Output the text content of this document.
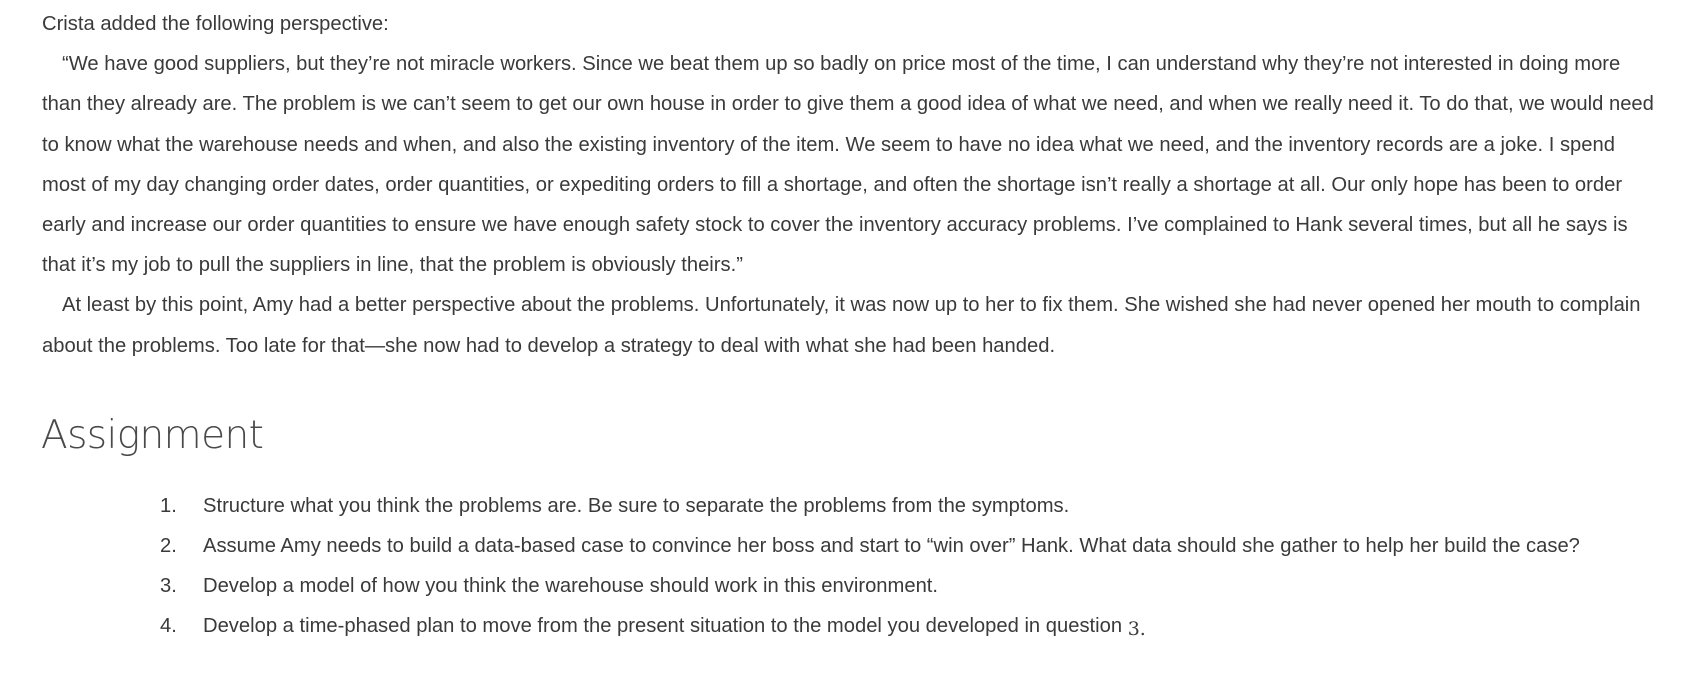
Crista added the following perspective:

“We have good suppliers, but they’re not miracle workers. Since we beat them up so badly on price most of the time, I can understand why they’re not interested in doing more than they already are. The problem is we can’t seem to get our own house in order to give them a good idea of what we need, and when we really need it. To do that, we would need to know what the warehouse needs and when, and also the existing inventory of the item. We seem to have no idea what we need, and the inventory records are a joke. I spend most of my day changing order dates, order quantities, or expediting orders to fill a shortage, and often the shortage isn’t really a shortage at all. Our only hope has been to order early and increase our order quantities to ensure we have enough safety stock to cover the inventory accuracy problems. I’ve complained to Hank several times, but all he says is that it’s my job to pull the suppliers in line, that the problem is obviously theirs.”

At least by this point, Amy had a better perspective about the problems. Unfortunately, it was now up to her to fix them. She wished she had never opened her mouth to complain about the problems. Too late for that—she now had to develop a strategy to deal with what she had been handed.

Assignment
1. Structure what you think the problems are. Be sure to separate the problems from the symptoms.
2. Assume Amy needs to build a data-based case to convince her boss and start to “win over” Hank. What data should she gather to help her build the case?
3. Develop a model of how you think the warehouse should work in this environment.
4. Develop a time-phased plan to move from the present situation to the model you developed in question 3.
